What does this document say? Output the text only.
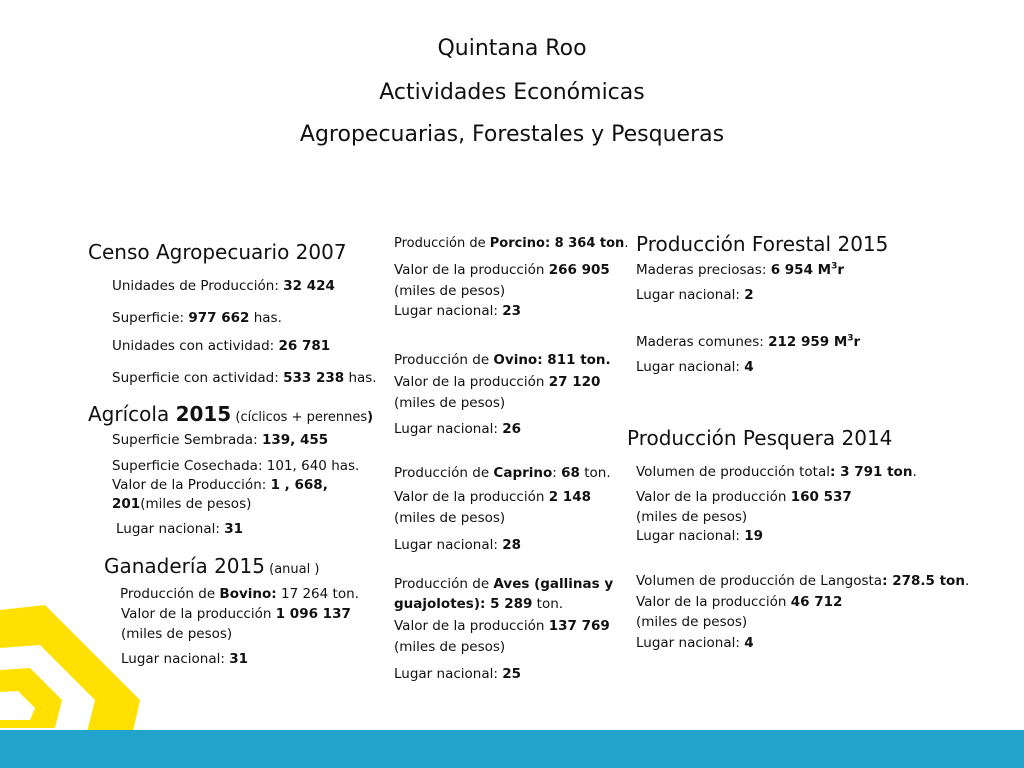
Quintana Roo
Actividades Económicas
Agropecuarias, Forestales y Pesqueras
Censo Agropecuario 2007
Unidades de Producción: 32 424
Superficie: 977 662 has.
Unidades con actividad: 26 781
Superficie con actividad: 533 238 has.
Agrícola 2015 (cíclicos + perennes)
Superficie Sembrada: 139, 455
Superficie Cosechada: 101, 640 has.
Valor de la Producción: 1 , 668,
201(miles de pesos)
Lugar nacional: 31
Ganadería 2015 (anual )
Producción de Bovino: 17 264 ton.
Valor de la producción 1 096 137
(miles de pesos)
Lugar nacional: 31
Producción de Porcino: 8 364 ton.
Valor de la producción 266 905
(miles de pesos)
Lugar nacional: 23
Producción de Ovino: 811 ton.
Valor de la producción 27 120
(miles de pesos)
Lugar nacional: 26
Producción de Caprino: 68 ton.
Valor de la producción 2 148
(miles de pesos)
Lugar nacional: 28
Producción de Aves (gallinas y
guajolotes): 5 289 ton.
Valor de la producción 137 769
(miles de pesos)
Lugar nacional: 25
Producción Forestal 2015
Maderas preciosas: 6 954 $M^3r$
Lugar nacional: 2
Maderas comunes: 212 959 $M^3r$
Lugar nacional: 4
Producción Pesquera 2014
Volumen de producción total: 3 791 ton.
Valor de la producción 160 537
(miles de pesos)
Lugar nacional: 19
Volumen de producción de Langosta: 278.5 ton.
Valor de la producción 46 712
(miles de pesos)
Lugar nacional: 4
